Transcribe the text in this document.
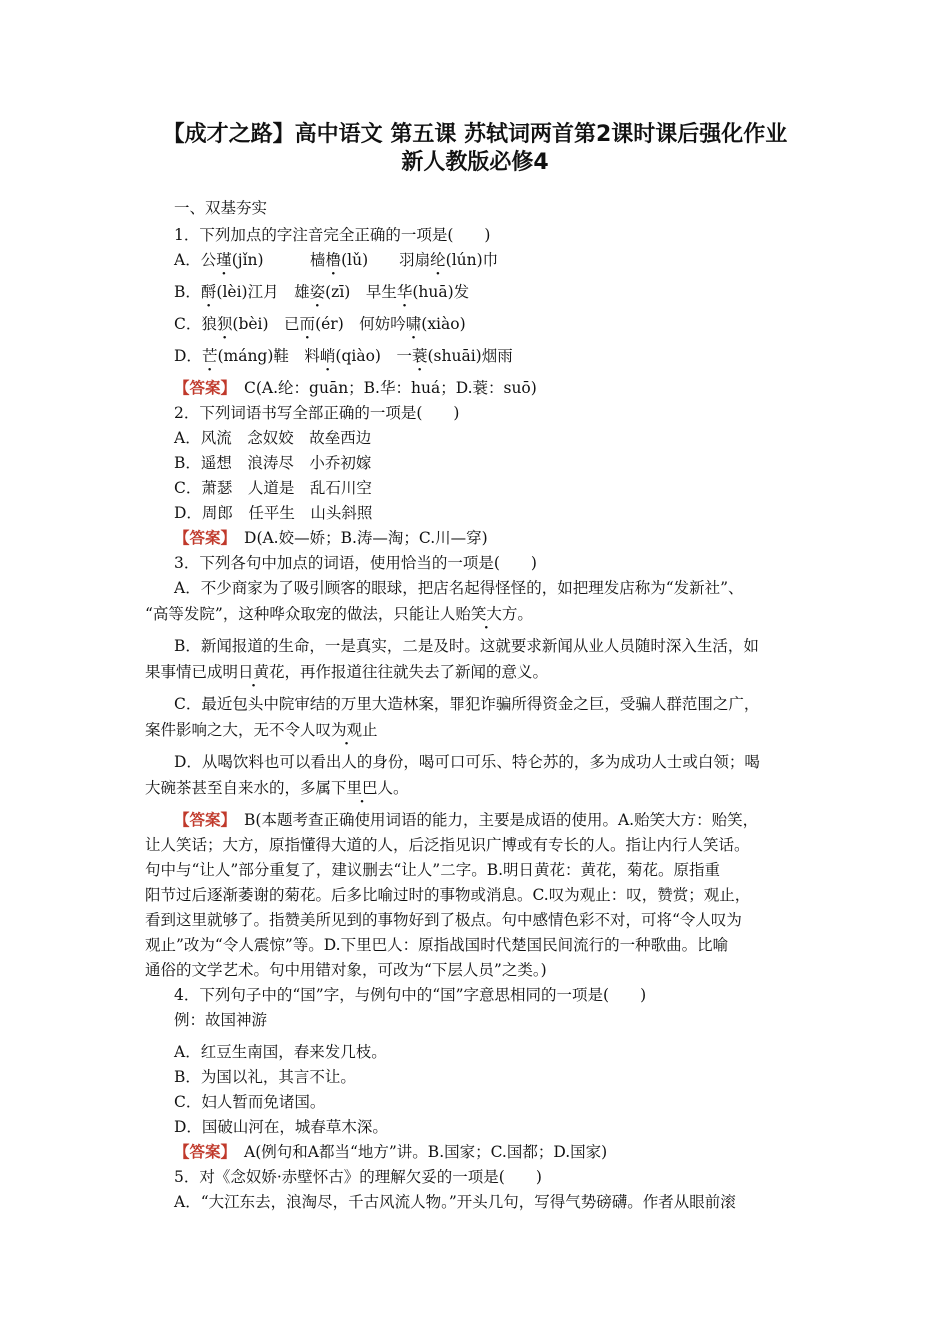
【成才之路】高中语文 第五课 苏轼词两首第2课时课后强化作业
新人教版必修4
一、双基夯实
1．下列加点的字注音完全正确的一项是(　　)
A．公瑾(jǐn)　　　樯橹(lǔ)　　羽扇纶(lún)巾
B．酹(lèi)江月　雄姿(zī)　早生华(huā)发
C．狼狈(bèi)　已而(ér)　何妨吟啸(xiào)
D．芒(máng)鞋　料峭(qiào)　一蓑(shuāi)烟雨
【答案】 C(A.纶：guān；B.华：huá；D.蓑：suō)
2．下列词语书写全部正确的一项是(　　)
A．风流　念奴姣　故垒西边
B．遥想　浪涛尽　小乔初嫁
C．萧瑟　人道是　乱石川空
D．周郎　任平生　山头斜照
【答案】 D(A.姣—娇；B.涛—淘；C.川—穿)
3．下列各句中加点的词语，使用恰当的一项是(　　)
A．不少商家为了吸引顾客的眼球，把店名起得怪怪的，如把理发店称为“发新社”、
“高等发院”，这种哗众取宠的做法，只能让人贻笑大方。
B．新闻报道的生命，一是真实，二是及时。这就要求新闻从业人员随时深入生活，如
果事情已成明日黄花，再作报道往往就失去了新闻的意义。
C．最近包头中院审结的万里大造林案，罪犯诈骗所得资金之巨，受骗人群范围之广，
案件影响之大，无不令人叹为观止
D．从喝饮料也可以看出人的身份，喝可口可乐、特仑苏的，多为成功人士或白领；喝
大碗茶甚至自来水的，多属下里巴人。
【答案】 B(本题考查正确使用词语的能力，主要是成语的使用。A.贻笑大方：贻笑，
让人笑话；大方，原指懂得大道的人，后泛指见识广博或有专长的人。指让内行人笑话。
句中与“让人”部分重复了，建议删去“让人”二字。B.明日黄花：黄花，菊花。原指重
阳节过后逐渐萎谢的菊花。后多比喻过时的事物或消息。C.叹为观止：叹，赞赏；观止，
看到这里就够了。指赞美所见到的事物好到了极点。句中感情色彩不对，可将“令人叹为
观止”改为“令人震惊”等。D.下里巴人：原指战国时代楚国民间流行的一种歌曲。比喻
通俗的文学艺术。句中用错对象，可改为“下层人员”之类。)
4．下列句子中的“国”字，与例句中的“国”字意思相同的一项是(　　)
例：故国神游
A．红豆生南国，春来发几枝。
B．为国以礼，其言不让。
C．妇人暂而免诸国。
D．国破山河在，城春草木深。
【答案】 A(例句和A都当“地方”讲。B.国家；C.国都；D.国家)
5．对《念奴娇·赤壁怀古》的理解欠妥的一项是(　　)
A．“大江东去，浪淘尽，千古风流人物。”开头几句，写得气势磅礴。作者从眼前滚
